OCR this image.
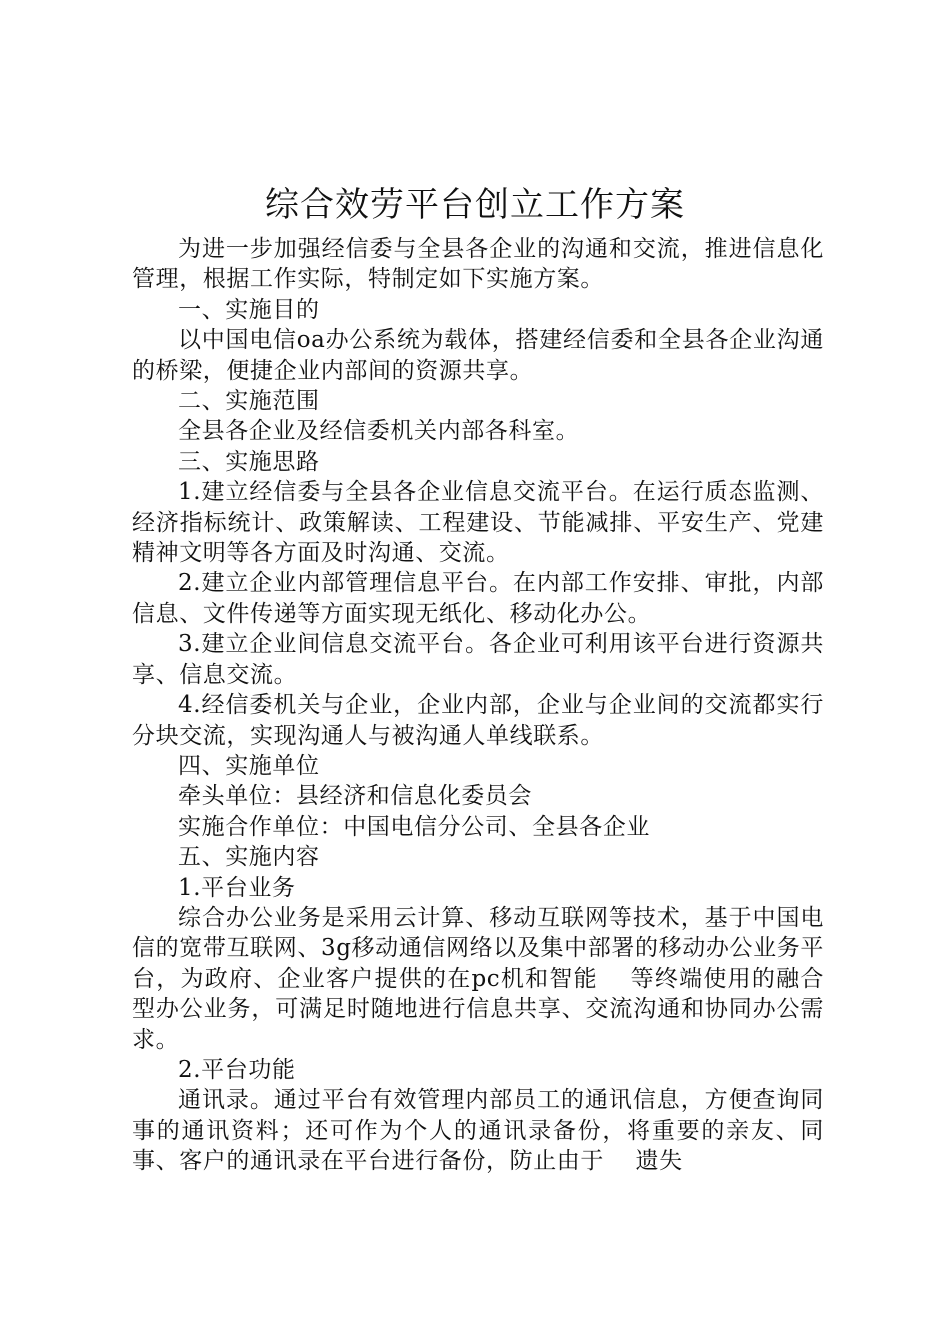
综合效劳平台创立工作方案

为进一步加强经信委与全县各企业的沟通和交流，推进信息化管理，根据工作实际，特制定如下实施方案。

一、实施目的

以中国电信oa办公系统为载体，搭建经信委和全县各企业沟通的桥梁，便捷企业内部间的资源共享。

二、实施范围

全县各企业及经信委机关内部各科室。

三、实施思路

1.建立经信委与全县各企业信息交流平台。在运行质态监测、经济指标统计、政策解读、工程建设、节能减排、平安生产、党建精神文明等各方面及时沟通、交流。

2.建立企业内部管理信息平台。在内部工作安排、审批，内部信息、文件传递等方面实现无纸化、移动化办公。

3.建立企业间信息交流平台。各企业可利用该平台进行资源共享、信息交流。

4.经信委机关与企业，企业内部，企业与企业间的交流都实行分块交流，实现沟通人与被沟通人单线联系。

四、实施单位

牵头单位：县经济和信息化委员会

实施合作单位：中国电信分公司、全县各企业

五、实施内容

1.平台业务

综合办公业务是采用云计算、移动互联网等技术，基于中国电信的宽带互联网、3g移动通信网络以及集中部署的移动办公业务平台，为政府、企业客户提供的在pc机和智能　 等终端使用的融合型办公业务，可满足时随地进行信息共享、交流沟通和协同办公需求。

2.平台功能

通讯录。通过平台有效管理内部员工的通讯信息，方便查询同事的通讯资料；还可作为个人的通讯录备份，将重要的亲友、同事、客户的通讯录在平台进行备份，防止由于　 遗失
